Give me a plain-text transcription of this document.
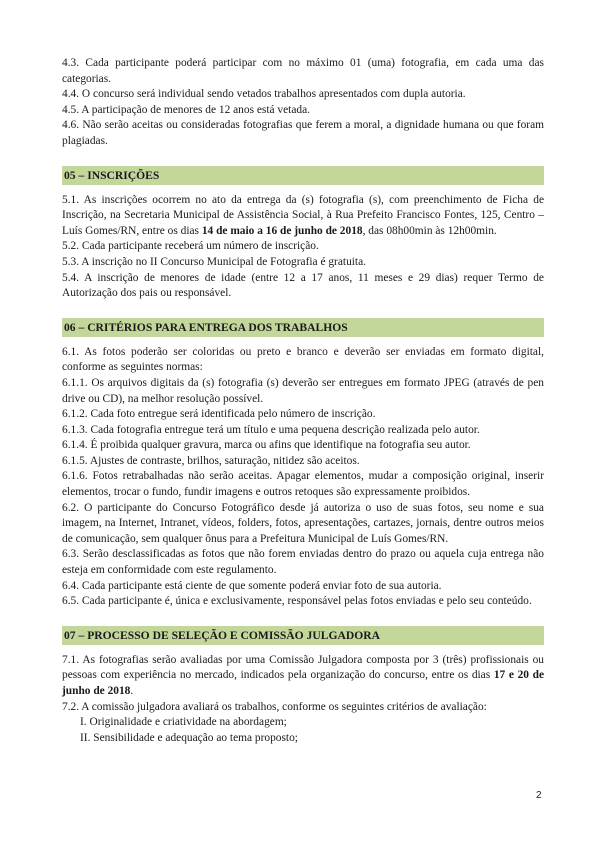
4.3. Cada participante poderá participar com no máximo 01 (uma) fotografia, em cada uma das categorias.

4.4. O concurso será individual sendo vetados trabalhos apresentados com dupla autoria.

4.5. A participação de menores de 12 anos está vetada.

4.6. Não serão aceitas ou consideradas fotografias que ferem a moral, a dignidade humana ou que foram plagiadas.

05 – INSCRIÇÕES

5.1. As inscrições ocorrem no ato da entrega da (s) fotografia (s), com preenchimento de Ficha de Inscrição, na Secretaria Municipal de Assistência Social, à Rua Prefeito Francisco Fontes, 125, Centro – Luís Gomes/RN, entre os dias 14 de maio a 16 de junho de 2018, das 08h00min às 12h00min.

5.2. Cada participante receberá um número de inscrição.

5.3. A inscrição no II Concurso Municipal de Fotografia é gratuita.

5.4. A inscrição de menores de idade (entre 12 a 17 anos, 11 meses e 29 dias) requer Termo de Autorização dos pais ou responsável.

06 – CRITÉRIOS PARA ENTREGA DOS TRABALHOS

6.1. As fotos poderão ser coloridas ou preto e branco e deverão ser enviadas em formato digital, conforme as seguintes normas:

6.1.1. Os arquivos digitais da (s) fotografia (s) deverão ser entregues em formato JPEG (através de pen drive ou CD), na melhor resolução possível.

6.1.2. Cada foto entregue será identificada pelo número de inscrição.

6.1.3. Cada fotografia entregue terá um título e uma pequena descrição realizada pelo autor.

6.1.4. É proibida qualquer gravura, marca ou afins que identifique na fotografia seu autor.

6.1.5. Ajustes de contraste, brilhos, saturação, nitidez são aceitos.

6.1.6. Fotos retrabalhadas não serão aceitas. Apagar elementos, mudar a composição original, inserir elementos, trocar o fundo, fundir imagens e outros retoques são expressamente proibidos.

6.2. O participante do Concurso Fotográfico desde já autoriza o uso de suas fotos, seu nome e sua imagem, na Internet, Intranet, vídeos, folders, fotos, apresentações, cartazes, jornais, dentre outros meios de comunicação, sem qualquer ônus para a Prefeitura Municipal de Luís Gomes/RN.

6.3. Serão desclassificadas as fotos que não forem enviadas dentro do prazo ou aquela cuja entrega não esteja em conformidade com este regulamento.

6.4. Cada participante está ciente de que somente poderá enviar foto de sua autoria.

6.5. Cada participante é, única e exclusivamente, responsável pelas fotos enviadas e pelo seu conteúdo.

07 – PROCESSO DE SELEÇÃO E COMISSÃO JULGADORA

7.1. As fotografias serão avaliadas por uma Comissão Julgadora composta por 3 (três) profissionais ou pessoas com experiência no mercado, indicados pela organização do concurso, entre os dias 17 e 20 de junho de 2018.

7.2. A comissão julgadora avaliará os trabalhos, conforme os seguintes critérios de avaliação:

I. Originalidade e criatividade na abordagem;

II. Sensibilidade e adequação ao tema proposto;

2
